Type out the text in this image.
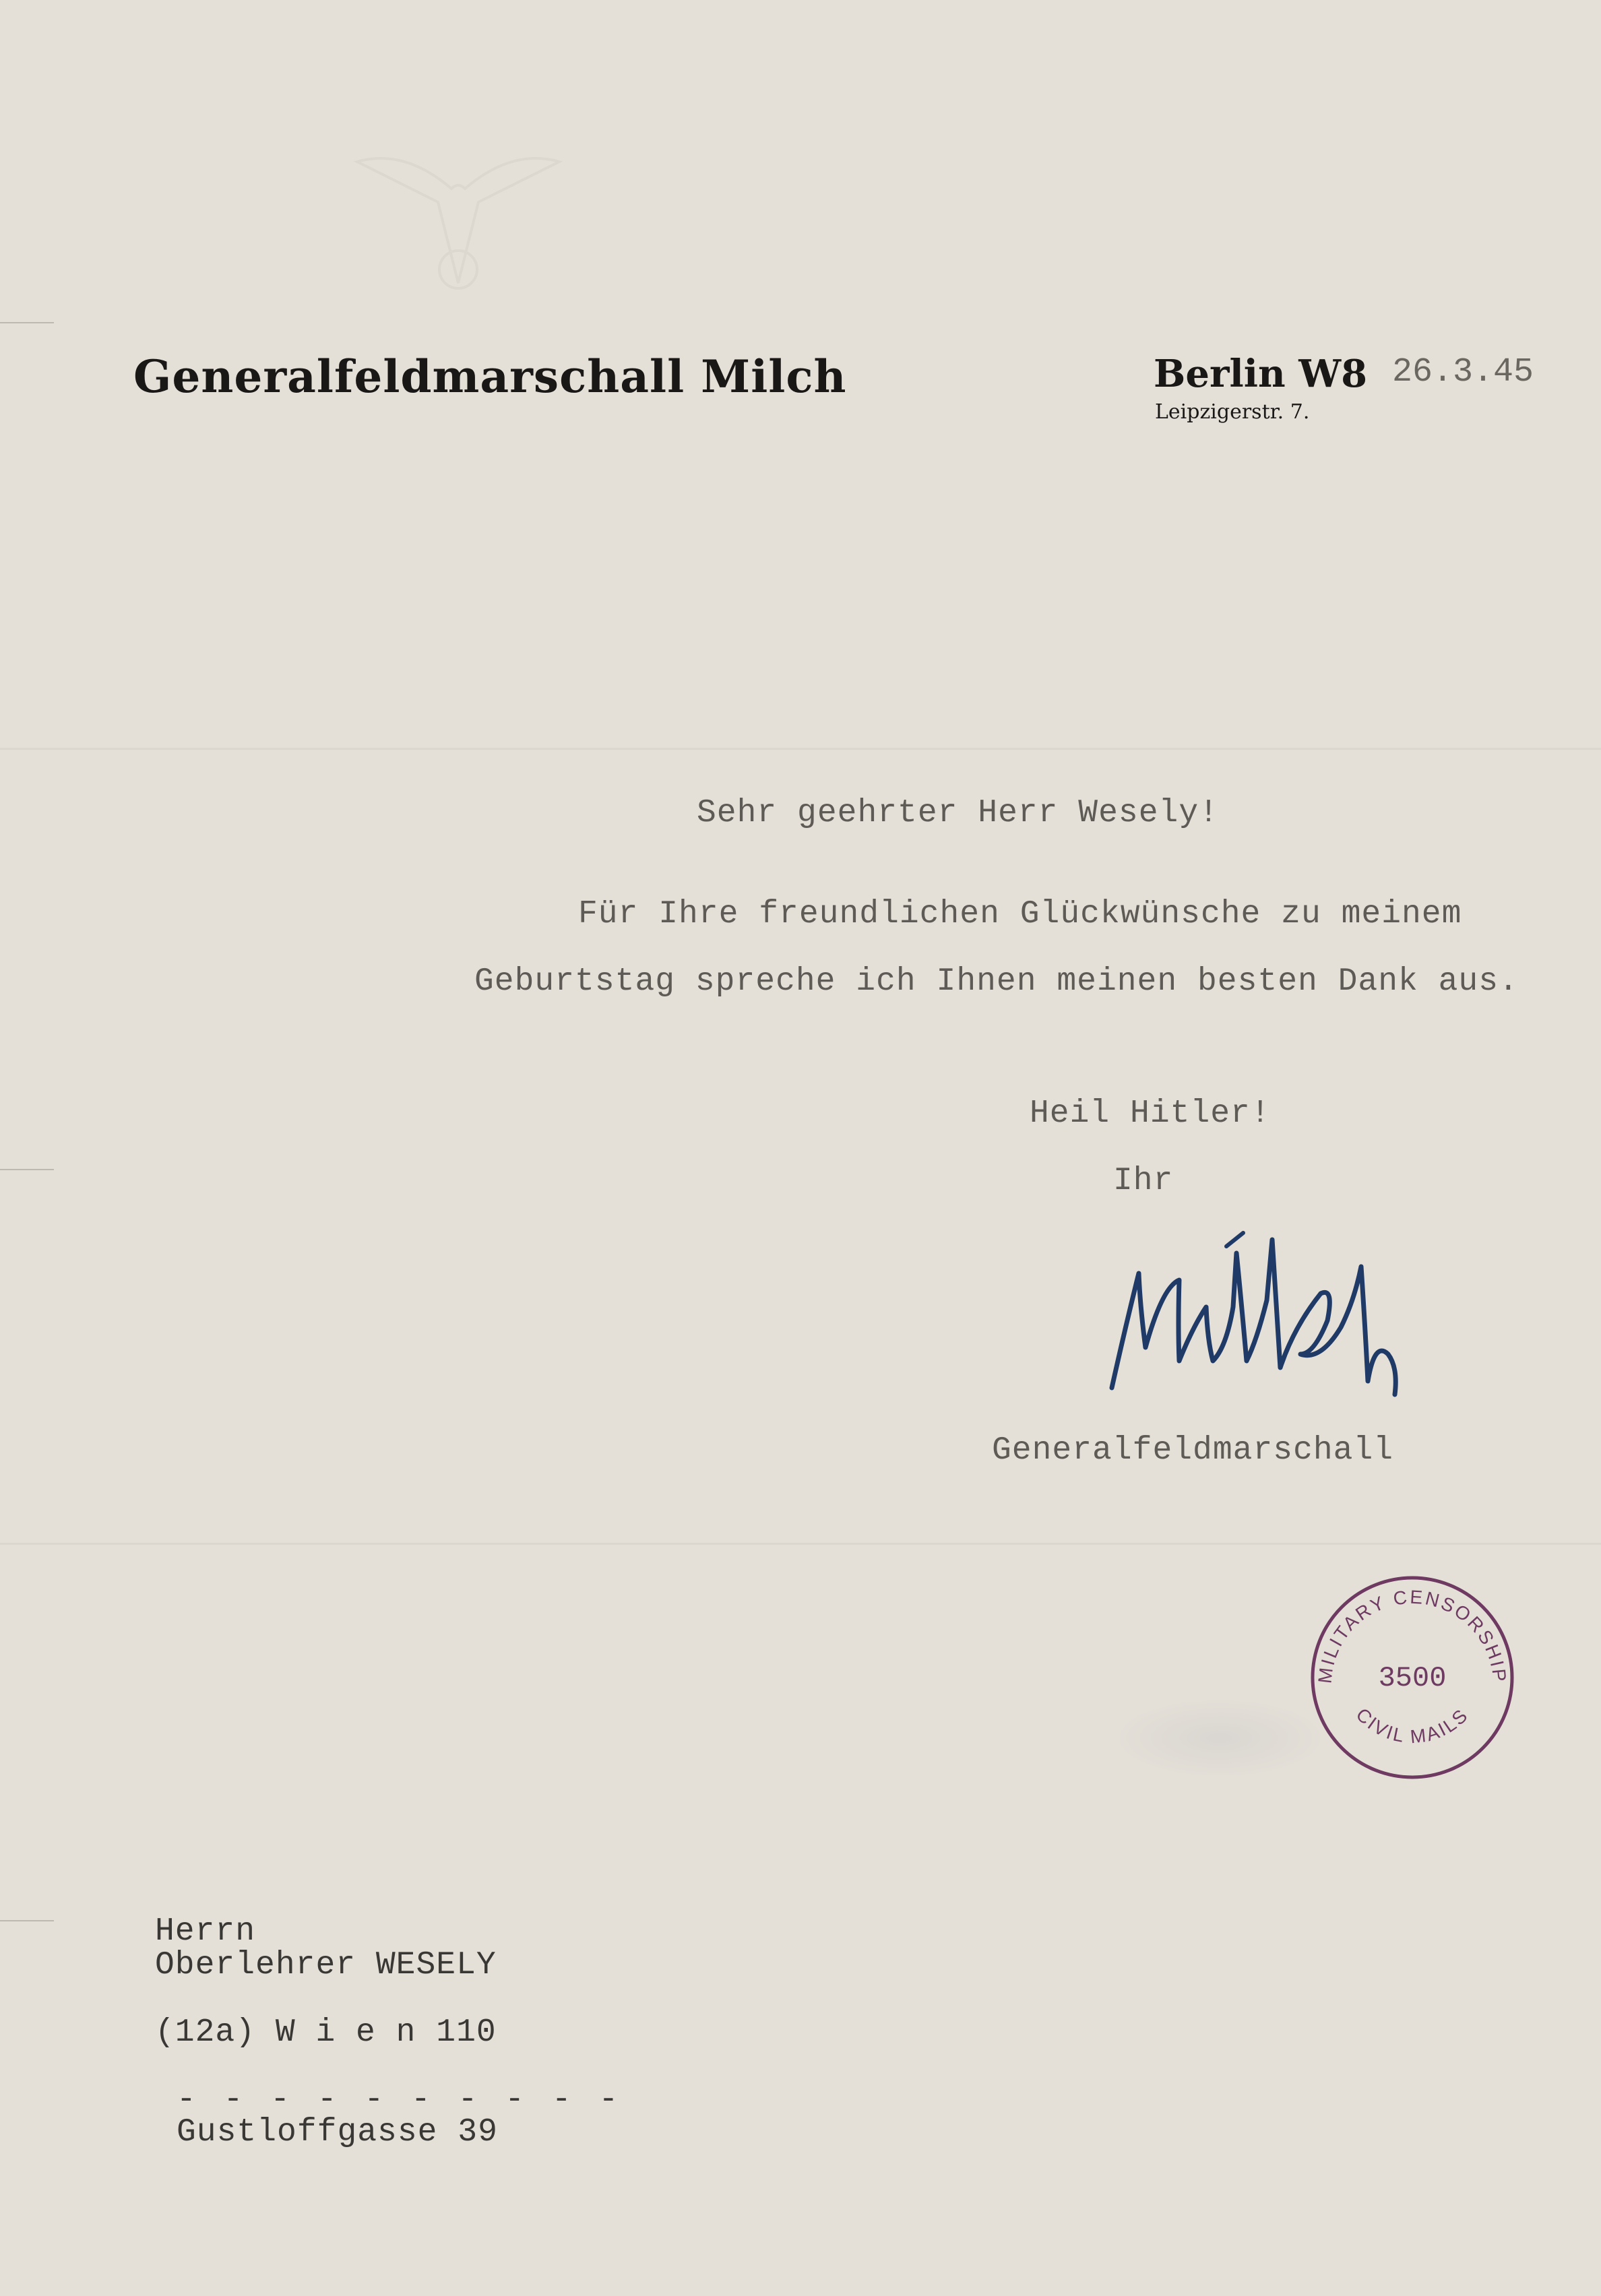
Generalfeldmarschall Milch	Berlin W8
Leipzigerstr. 7.
26.3.45
Sehr geehrter Herr Wesely!
Für Ihre freundlichen Glückwünsche zu meinem
Geburtstag spreche ich Ihnen meinen besten Dank aus.
Heil Hitler!
Ihr
Generalfeldmarschall
MILITARY CENSORSHIP
3500
CIVIL MAILS
Herrn
Oberlehrer WESELY
(12a) W i e n 110
- - - - - - - - - -
Gustloffgasse 39
